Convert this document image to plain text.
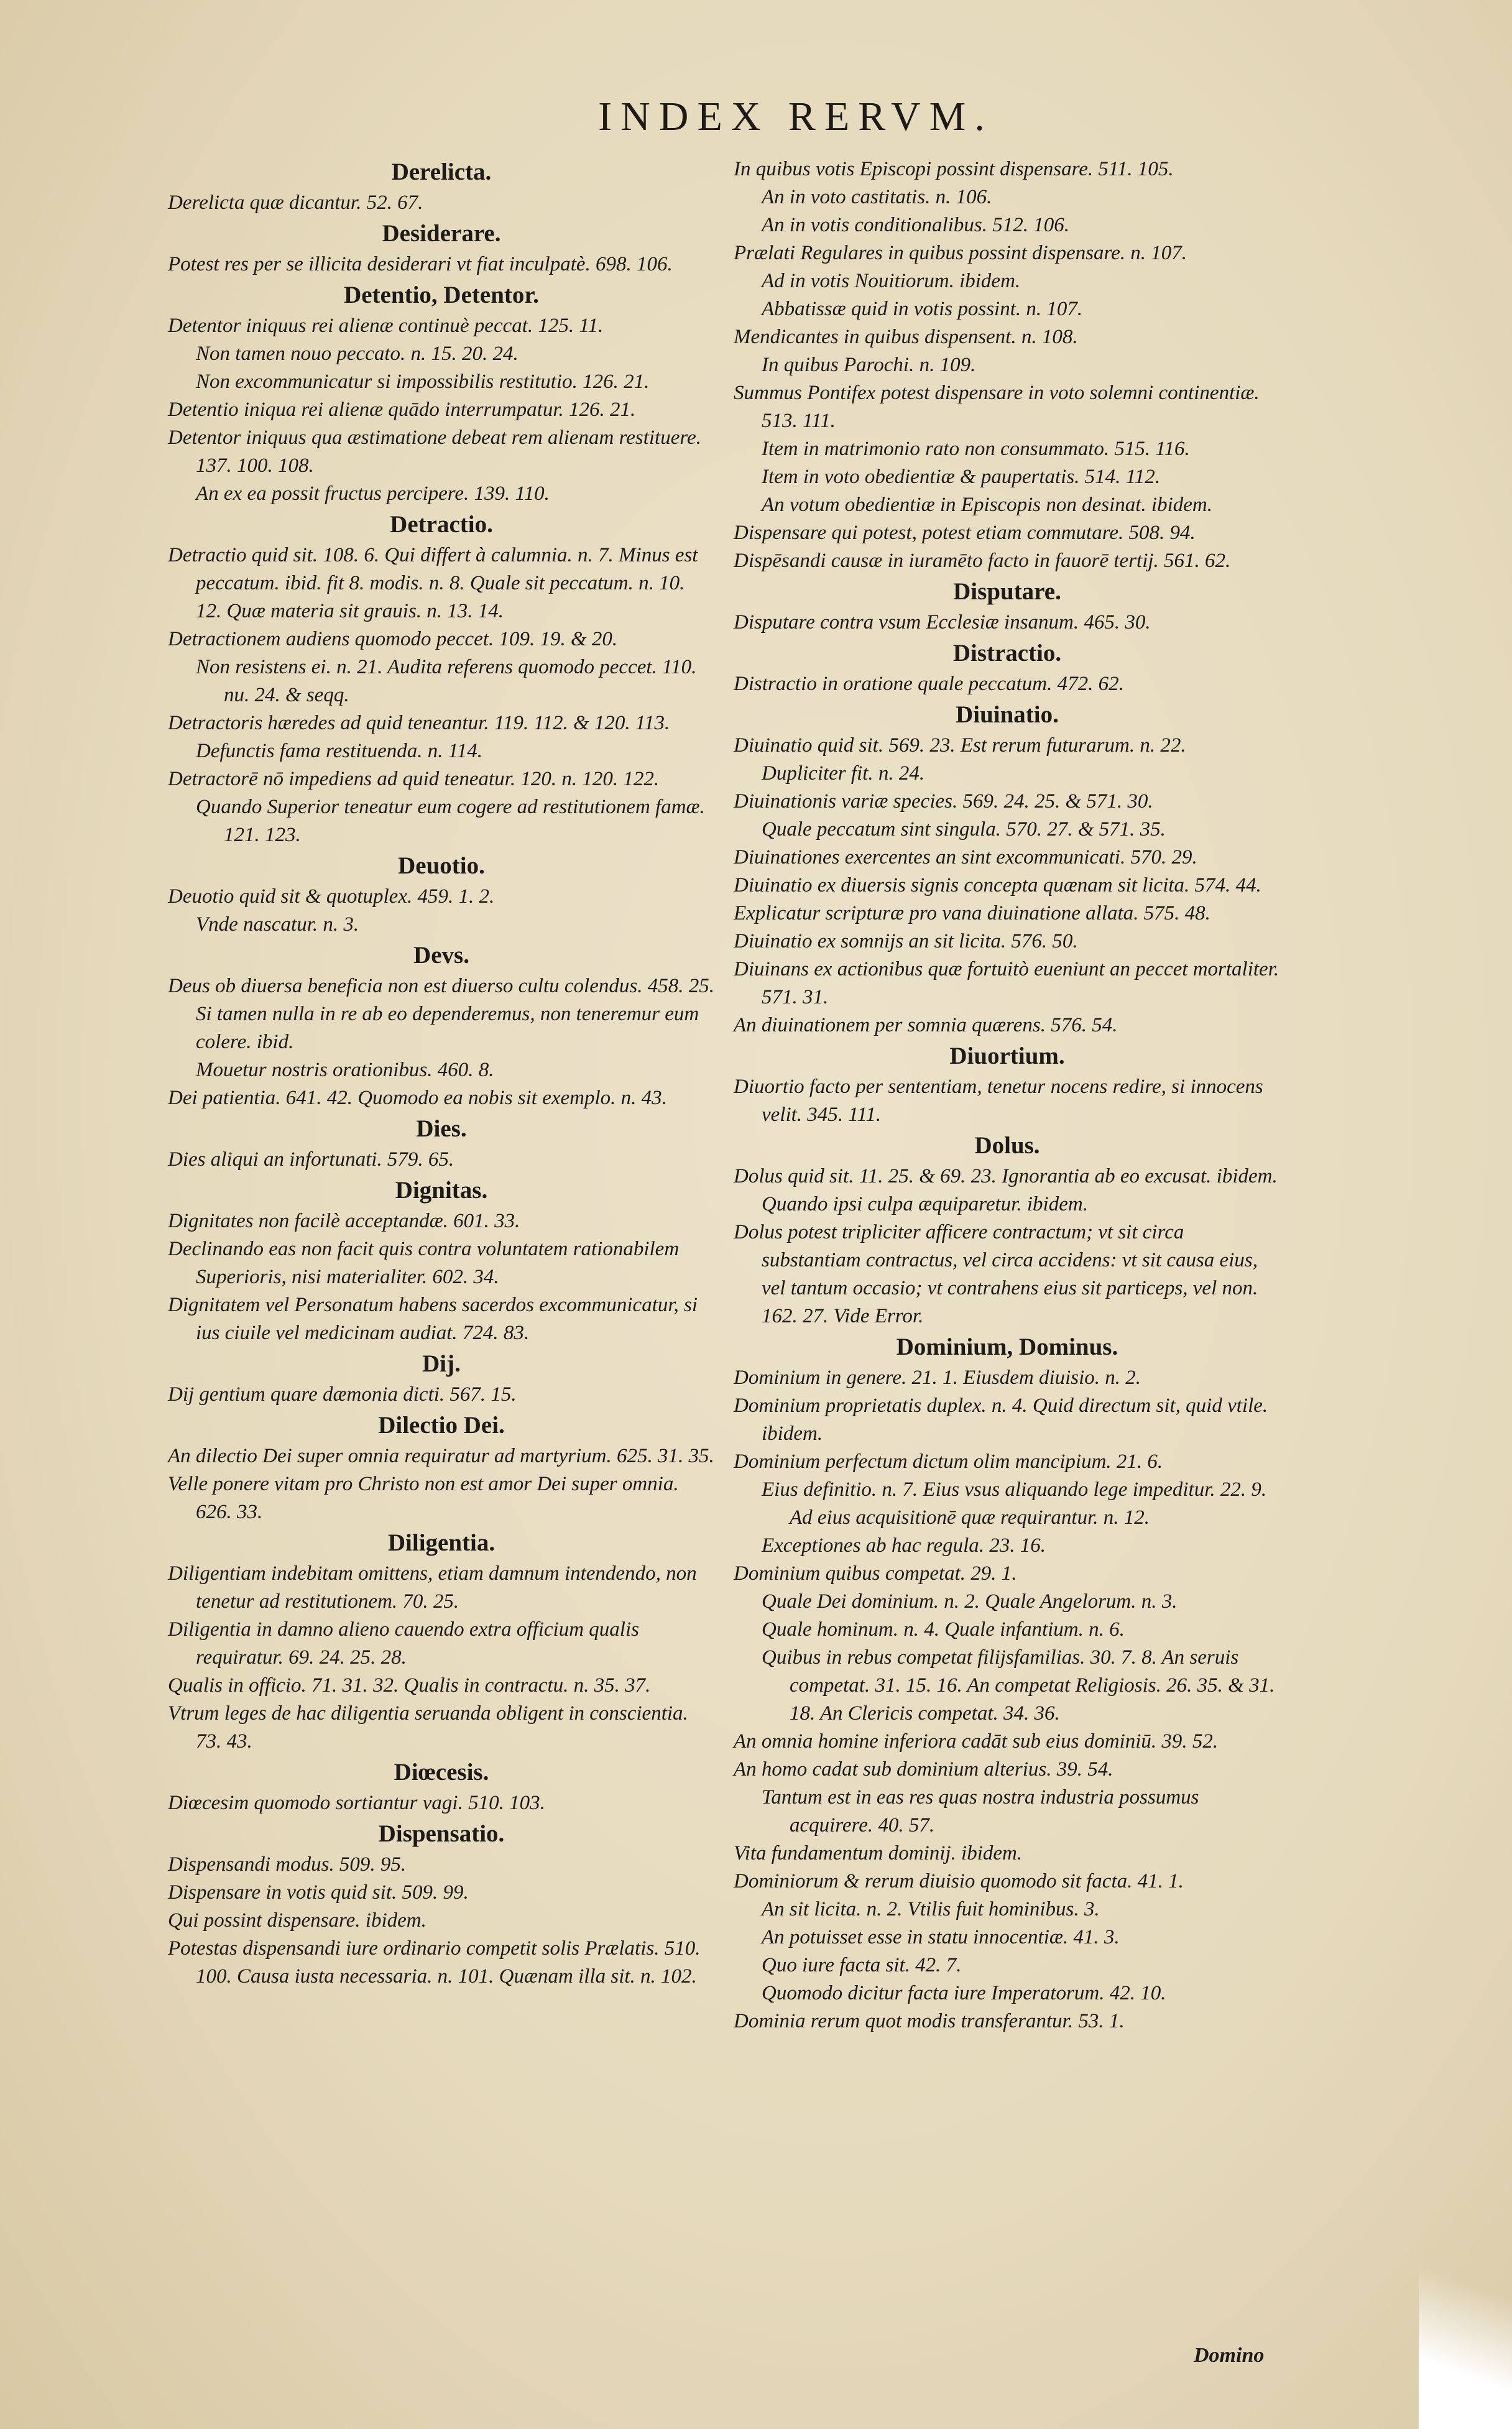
INDEX RERVM.
Derelicta.
Derelicta quæ dicantur. 52. 67.
Desiderare.
Potest res per se illicita desiderari vt fiat inculpatè. 698. 106.
Detentio, Detentor.
Detentor iniquus rei alienæ continuè peccat. 125. 11.
Non tamen nouo peccato. n. 15. 20. 24.
Non excommunicatur si impossibilis restitutio. 126. 21.
Detentio iniqua rei alienæ quādo interrumpatur. 126. 21.
Detentor iniquus qua æstimatione debeat rem alienam restituere. 137. 100. 108.
An ex ea possit fructus percipere. 139. 110.
Detractio.
Detractio quid sit. 108. 6. Qui differt à calumnia. n. 7. Minus est peccatum. ibid. fit 8. modis. n. 8. Quale sit peccatum. n. 10. 12. Quæ materia sit grauis. n. 13. 14.
Detractionem audiens quomodo peccet. 109. 19. & 20.
Non resistens ei. n. 21. Audita referens quomodo peccet. 110. nu. 24. & seqq.
Detractoris hæredes ad quid teneantur. 119. 112. & 120. 113.
Defunctis fama restituenda. n. 114.
Detractorē nō impediens ad quid teneatur. 120. n. 120. 122.
Quando Superior teneatur eum cogere ad restitutionem famæ. 121. 123.
Deuotio.
Deuotio quid sit & quotuplex. 459. 1. 2.
Vnde nascatur. n. 3.
Devs.
Deus ob diuersa beneficia non est diuerso cultu colendus. 458. 25. Si tamen nulla in re ab eo dependeremus, non teneremur eum colere. ibid.
Mouetur nostris orationibus. 460. 8.
Dei patientia. 641. 42. Quomodo ea nobis sit exemplo. n. 43.
Dies.
Dies aliqui an infortunati. 579. 65.
Dignitas.
Dignitates non facilè acceptandæ. 601. 33.
Declinando eas non facit quis contra voluntatem rationabilem Superioris, nisi materialiter. 602. 34.
Dignitatem vel Personatum habens sacerdos excommunicatur, si ius ciuile vel medicinam audiat. 724. 83.
Dij.
Dij gentium quare dæmonia dicti. 567. 15.
Dilectio Dei.
An dilectio Dei super omnia requiratur ad martyrium. 625. 31. 35.
Velle ponere vitam pro Christo non est amor Dei super omnia. 626. 33.
Diligentia.
Diligentiam indebitam omittens, etiam damnum intendendo, non tenetur ad restitutionem. 70. 25.
Diligentia in damno alieno cauendo extra officium qualis requiratur. 69. 24. 25. 28.
Qualis in officio. 71. 31. 32. Qualis in contractu. n. 35. 37.
Vtrum leges de hac diligentia seruanda obligent in conscientia. 73. 43.
Diœcesis.
Diœcesim quomodo sortiantur vagi. 510. 103.
Dispensatio.
Dispensandi modus. 509. 95.
Dispensare in votis quid sit. 509. 99.
Qui possint dispensare. ibidem.
Potestas dispensandi iure ordinario competit solis Prælatis. 510. 100. Causa iusta necessaria. n. 101. Quænam illa sit. n. 102.
In quibus votis Episcopi possint dispensare. 511. 105.
An in voto castitatis. n. 106.
An in votis conditionalibus. 512. 106.
Prælati Regulares in quibus possint dispensare. n. 107.
Ad in votis Nouitiorum. ibidem.
Abbatissæ quid in votis possint. n. 107.
Mendicantes in quibus dispensent. n. 108.
In quibus Parochi. n. 109.
Summus Pontifex potest dispensare in voto solemni continentiæ. 513. 111.
Item in matrimonio rato non consummato. 515. 116.
Item in voto obedientiæ & paupertatis. 514. 112.
An votum obedientiæ in Episcopis non desinat. ibidem.
Dispensare qui potest, potest etiam commutare. 508. 94.
Dispēsandi causæ in iuramēto facto in fauorē tertij. 561. 62.
Disputare.
Disputare contra vsum Ecclesiæ insanum. 465. 30.
Distractio.
Distractio in oratione quale peccatum. 472. 62.
Diuinatio.
Diuinatio quid sit. 569. 23. Est rerum futurarum. n. 22.
Dupliciter fit. n. 24.
Diuinationis variæ species. 569. 24. 25. & 571. 30.
Quale peccatum sint singula. 570. 27. & 571. 35.
Diuinationes exercentes an sint excommunicati. 570. 29.
Diuinatio ex diuersis signis concepta quænam sit licita. 574. 44.
Explicatur scripturæ pro vana diuinatione allata. 575. 48.
Diuinatio ex somnijs an sit licita. 576. 50.
Diuinans ex actionibus quæ fortuitò eueniunt an peccet mortaliter. 571. 31.
An diuinationem per somnia quærens. 576. 54.
Diuortium.
Diuortio facto per sententiam, tenetur nocens redire, si innocens velit. 345. 111.
Dolus.
Dolus quid sit. 11. 25. & 69. 23. Ignorantia ab eo excusat. ibidem. Quando ipsi culpa æquiparetur. ibidem.
Dolus potest tripliciter afficere contractum; vt sit circa substantiam contractus, vel circa accidens: vt sit causa eius, vel tantum occasio; vt contrahens eius sit particeps, vel non. 162. 27. Vide Error.
Dominium, Dominus.
Dominium in genere. 21. 1. Eiusdem diuisio. n. 2.
Dominium proprietatis duplex. n. 4. Quid directum sit, quid vtile. ibidem.
Dominium perfectum dictum olim mancipium. 21. 6.
Eius definitio. n. 7. Eius vsus aliquando lege impeditur. 22. 9. Ad eius acquisitionē quæ requirantur. n. 12.
Exceptiones ab hac regula. 23. 16.
Dominium quibus competat. 29. 1.
Quale Dei dominium. n. 2. Quale Angelorum. n. 3.
Quale hominum. n. 4. Quale infantium. n. 6.
Quibus in rebus competat filijsfamilias. 30. 7. 8. An seruis competat. 31. 15. 16. An competat Religiosis. 26. 35. & 31. 18. An Clericis competat. 34. 36.
An omnia homine inferiora cadāt sub eius dominiū. 39. 52.
An homo cadat sub dominium alterius. 39. 54.
Tantum est in eas res quas nostra industria possumus acquirere. 40. 57.
Vita fundamentum dominij. ibidem.
Dominiorum & rerum diuisio quomodo sit facta. 41. 1.
An sit licita. n. 2. Vtilis fuit hominibus. 3.
An potuisset esse in statu innocentiæ. 41. 3.
Quo iure facta sit. 42. 7.
Quomodo dicitur facta iure Imperatorum. 42. 10.
Dominia rerum quot modis transferantur. 53. 1.
Domino
